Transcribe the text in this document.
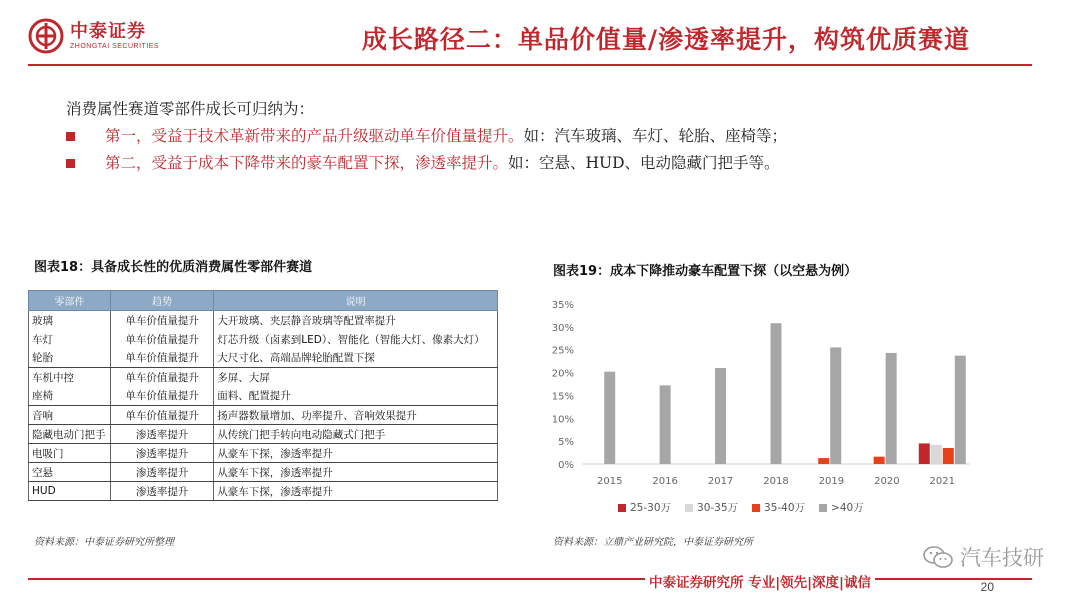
中泰证券
ZHONGTAI SECURITIES	成长路径二：单品价值量/渗透率提升，构筑优质赛道
消费属性赛道零部件成长可归纳为：
第一，受益于技术革新带来的产品升级驱动单车价值量提升。 如：汽车玻璃、车灯、轮胎、座椅等；
第二，受益于成本下降带来的豪车配置下探，渗透率提升。 如：空悬、HUD、电动隐藏门把手等。
图表18：具备成长性的优质消费属性零部件赛道
零部件	趋势	说明
玻璃	单车价值量提升	大开玻璃、夹层静音玻璃等配置率提升
车灯	单车价值量提升	灯芯升级（卤素到LED）、智能化（智能大灯、像素大灯）
轮胎	单车价值量提升	大尺寸化、高端品牌轮胎配置下探
车机中控	单车价值量提升	多屏、大屏
座椅	单车价值量提升	面料、配置提升
音响	单车价值量提升	扬声器数量增加、功率提升、音响效果提升
隐藏电动门把手	渗透率提升	从传统门把手转向电动隐藏式门把手
电吸门	渗透率提升	从豪车下探，渗透率提升
空悬	渗透率提升	从豪车下探，渗透率提升
HUD	渗透率提升	从豪车下探，渗透率提升
资料来源：中泰证券研究所整理
图表19：成本下降推动豪车配置下探（以空悬为例）
0%
5%
10%
15%
20%
25%
30%
35%
2015	2016	2017	2018	2019	2020	2021
25-30万 30-35万 35-40万 >40万
资料来源：立鼎产业研究院，中泰证券研究所
中泰证券研究所 专业|领先|深度|诚信
汽车技研
20
